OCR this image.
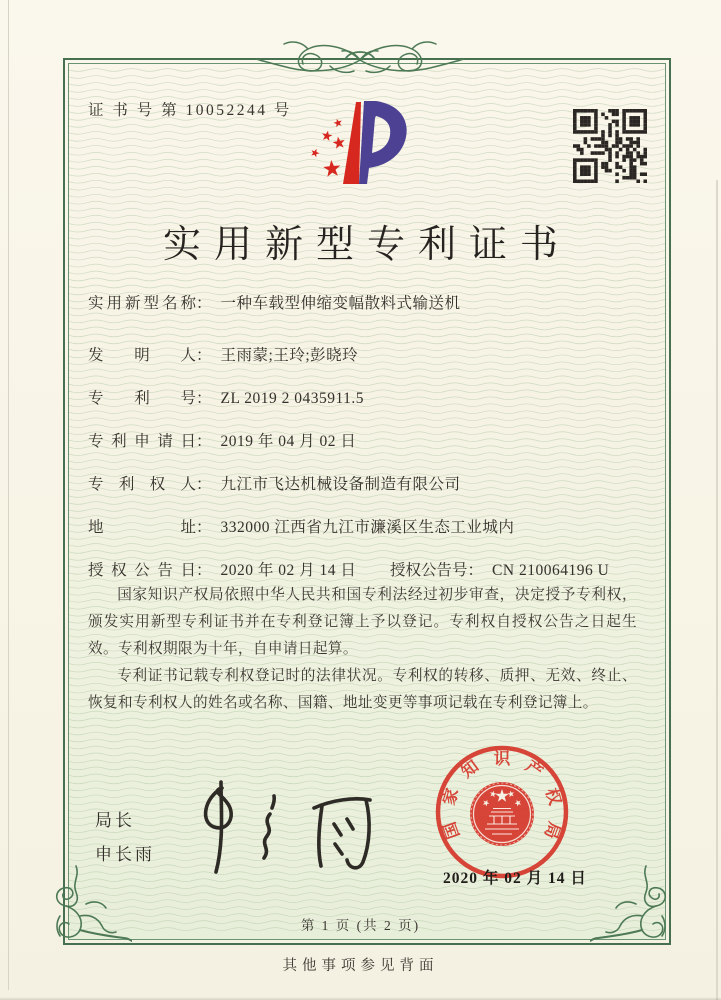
证 书 号 第 10052244 号
实用新型专利证书
实用新型名称： 一种车载型伸缩变幅散料式输送机
发明人： 王雨蒙;王玲;彭晓玲
专利号： ZL 2019 2 0435911.5
专利申请日： 2019 年 04 月 02 日
专利权人： 九江市飞达机械设备制造有限公司
地址： 332000 江西省九江市濂溪区生态工业城内
授权公告日： 2020 年 02 月 14 日 授权公告号： CN 210064196 U

国家知识产权局依照中华人民共和国专利法经过初步审查，决定授予专利权，颁发实用新型专利证书并在专利登记簿上予以登记。专利权自授权公告之日起生效。专利权期限为十年，自申请日起算。

专利证书记载专利权登记时的法律状况。专利权的转移、质押、无效、终止、恢复和专利权人的姓名或名称、国籍、地址变更等事项记载在专利登记簿上。

局长
申长雨
国
家
知 识 产
权
局
2020 年 02 月 14 日
第 1 页 (共 2 页)
其他事项参见背面
